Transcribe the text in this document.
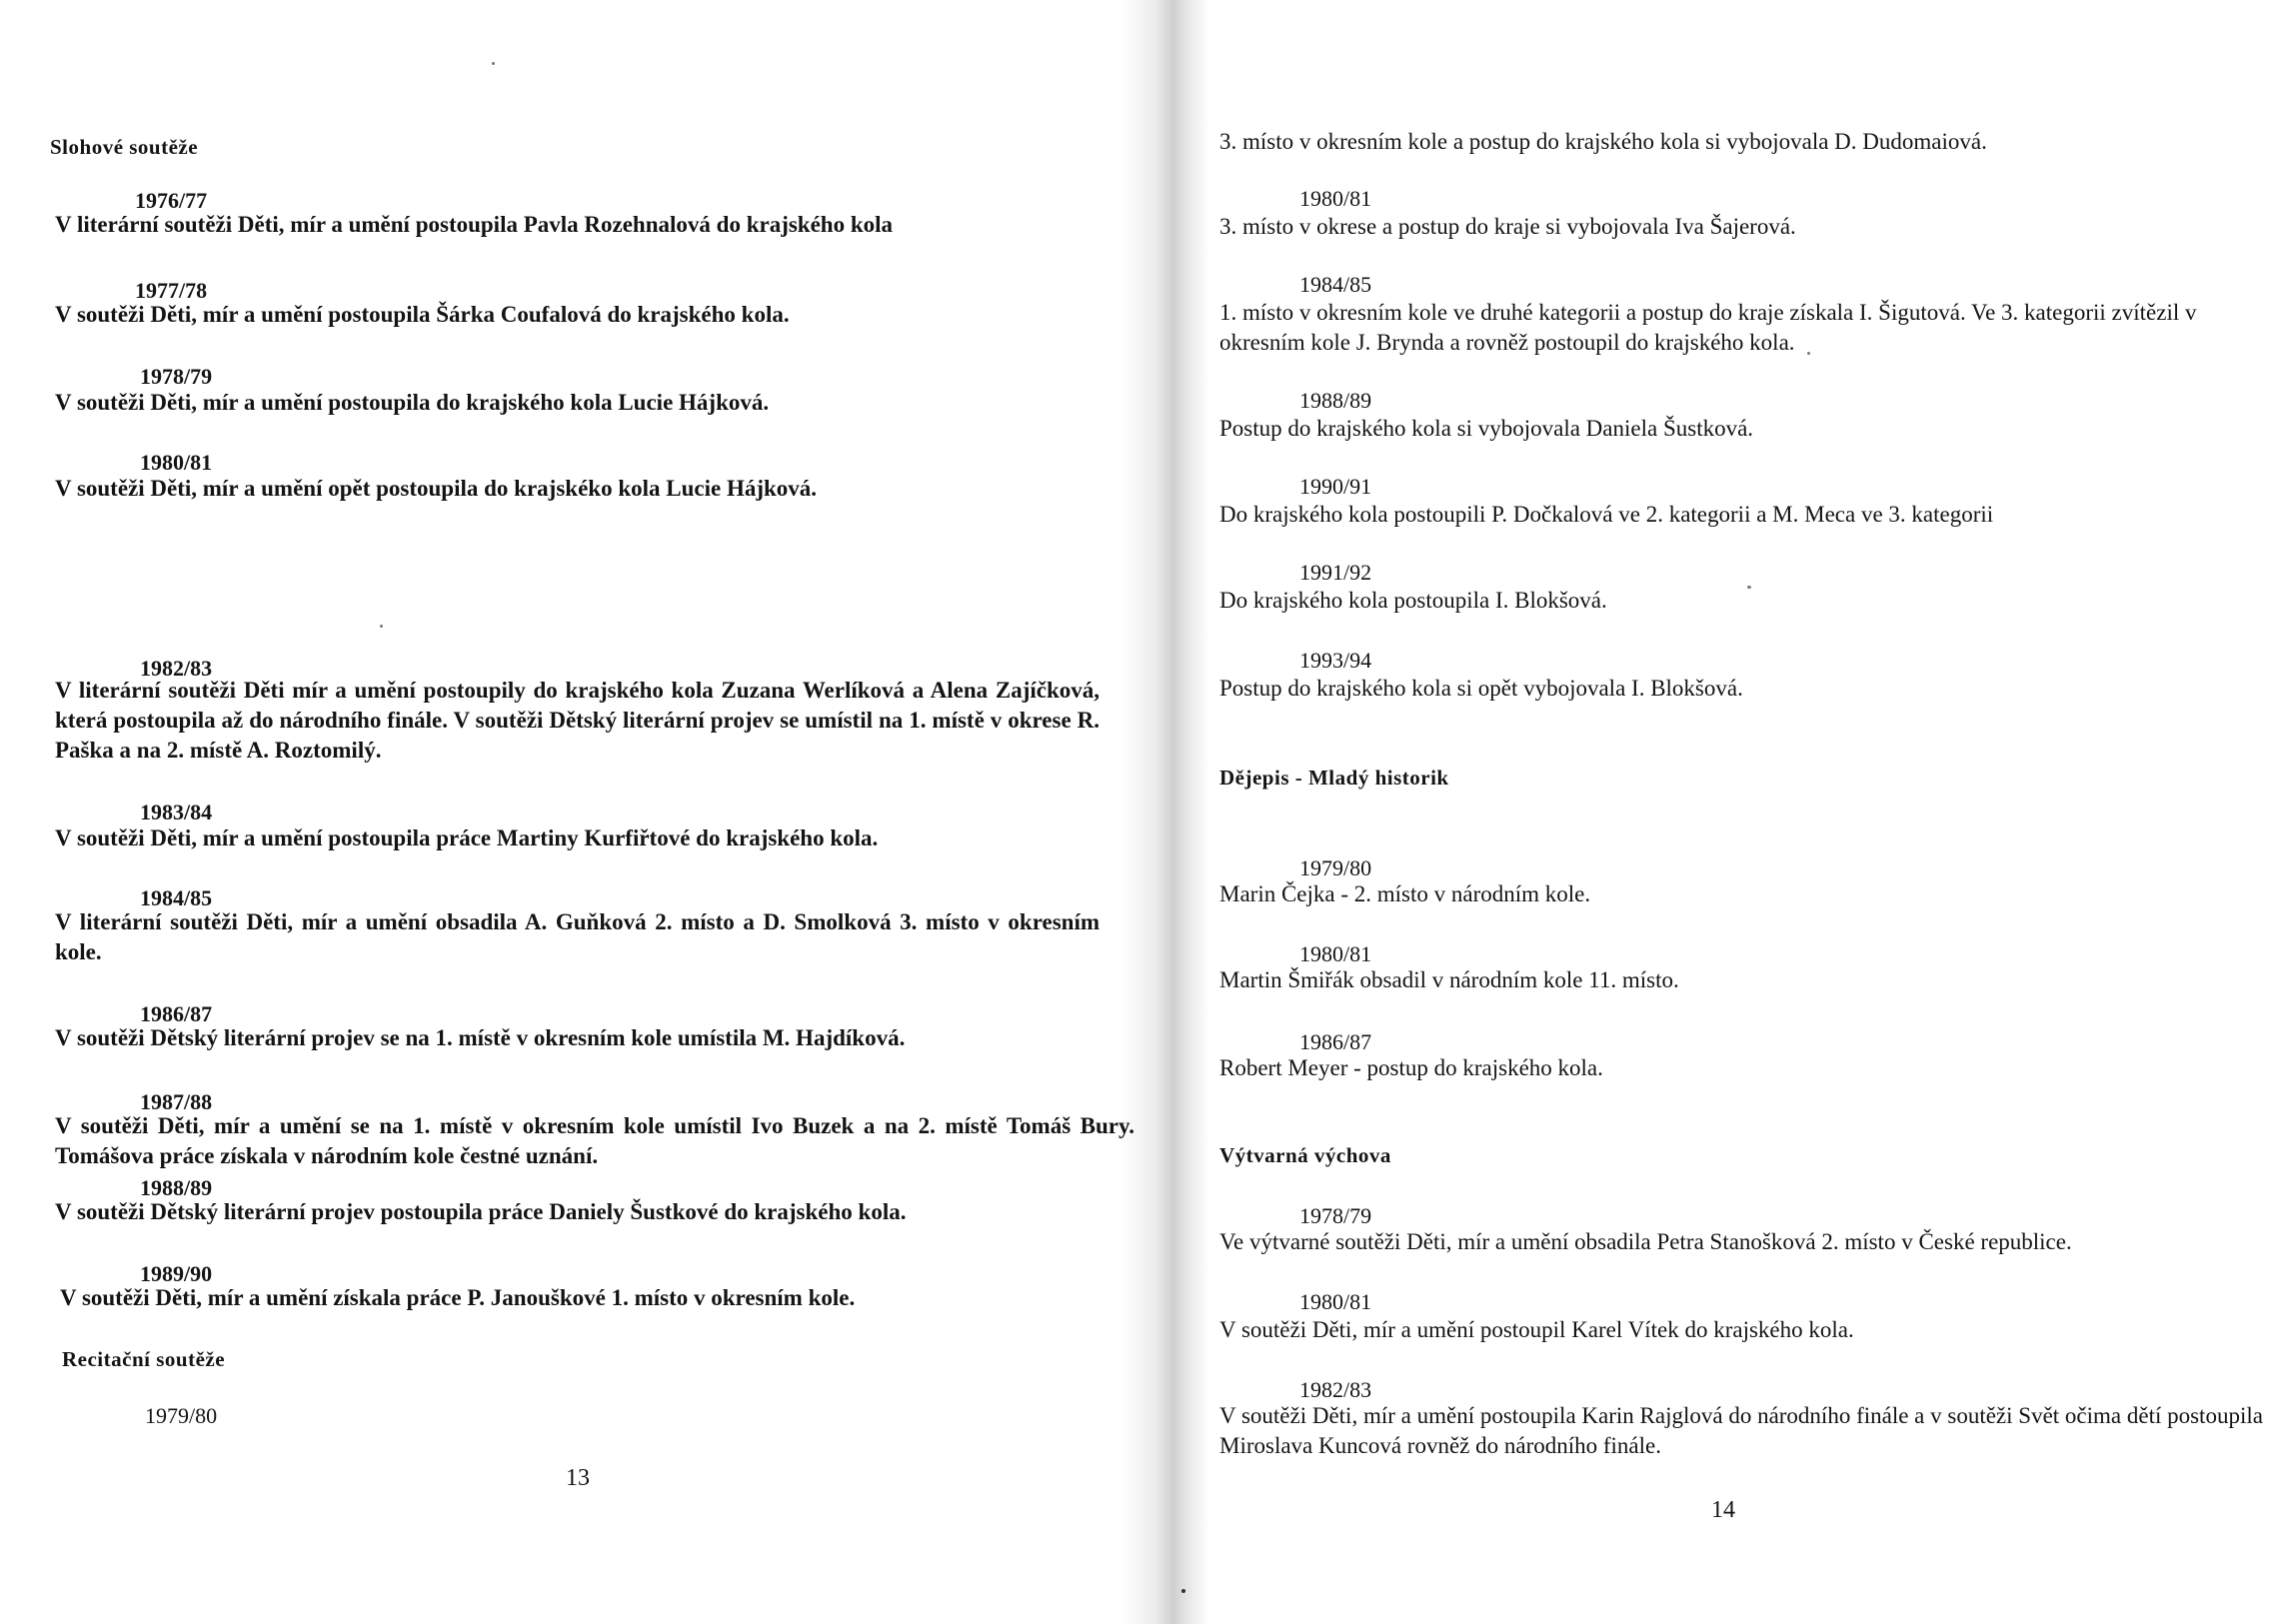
Slohové soutěže
1976/77
V literární soutěži Děti, mír a umění postoupila Pavla Rozehnalová do krajského kola
1977/78
V soutěži Děti, mír a umění postoupila Šárka Coufalová do krajského kola.
1978/79
V soutěži Děti, mír a umění postoupila do krajského kola Lucie Hájková.
1980/81
V soutěži Děti, mír a umění opět postoupila do krajskéko kola Lucie Hájková.
1982/83
V literární soutěži Děti mír a umění postoupily do krajského kola Zuzana Werlíková a Alena Zajíčková, která postoupila až do národního finále. V soutěži Dětský literární projev se umístil na 1. místě v okrese R. Paška a na 2. místě A. Roztomilý.
1983/84
V soutěži Děti, mír a umění postoupila práce Martiny Kurfiřtové do krajského kola.
1984/85
V literární soutěži Děti, mír a umění obsadila A. Guňková 2. místo a D. Smolková 3. místo v okresním kole.
1986/87
V soutěži Dětský literární projev se na 1. místě v okresním kole umístila M. Hajdíková.
1987/88
V soutěži Děti, mír a umění se na 1. místě v okresním kole umístil Ivo Buzek a na 2. místě Tomáš Bury. Tomášova práce získala v národním kole čestné uznání.
1988/89
V soutěži Dětský literární projev postoupila práce Daniely Šustkové do krajského kola.
1989/90
V soutěži Děti, mír a umění získala práce P. Janouškové 1. místo v okresním kole.
Recitační soutěže
1979/80
13
3. místo v okresním kole a postup do krajského kola si vybojovala D. Dudomaiová.
1980/81
3. místo v okrese a postup do kraje si vybojovala Iva Šajerová.
1984/85
1. místo v okresním kole ve druhé kategorii a postup do kraje získala I. Šigutová. Ve 3. kategorii zvítězil v okresním kole J. Brynda a rovněž postoupil do krajského kola.
1988/89
Postup do krajského kola si vybojovala Daniela Šustková.
1990/91
Do krajského kola postoupili P. Dočkalová ve 2. kategorii a M. Meca ve 3. kategorii
1991/92
Do krajského kola postoupila I. Blokšová.
1993/94
Postup do krajského kola si opět vybojovala I. Blokšová.
Dějepis - Mladý historik
1979/80
Marin Čejka - 2. místo v národním kole.
1980/81
Martin Šmiřák obsadil v národním kole 11. místo.
1986/87
Robert Meyer - postup do krajského kola.
Výtvarná výchova
1978/79
Ve výtvarné soutěži Děti, mír a umění obsadila Petra Stanošková 2. místo v České republice.
1980/81
V soutěži Děti, mír a umění postoupil Karel Vítek do krajského kola.
1982/83
V soutěži Děti, mír a umění postoupila Karin Rajglová do národního finále a v soutěži Svět očima dětí postoupila Miroslava Kuncová rovněž do národního finále.
14
